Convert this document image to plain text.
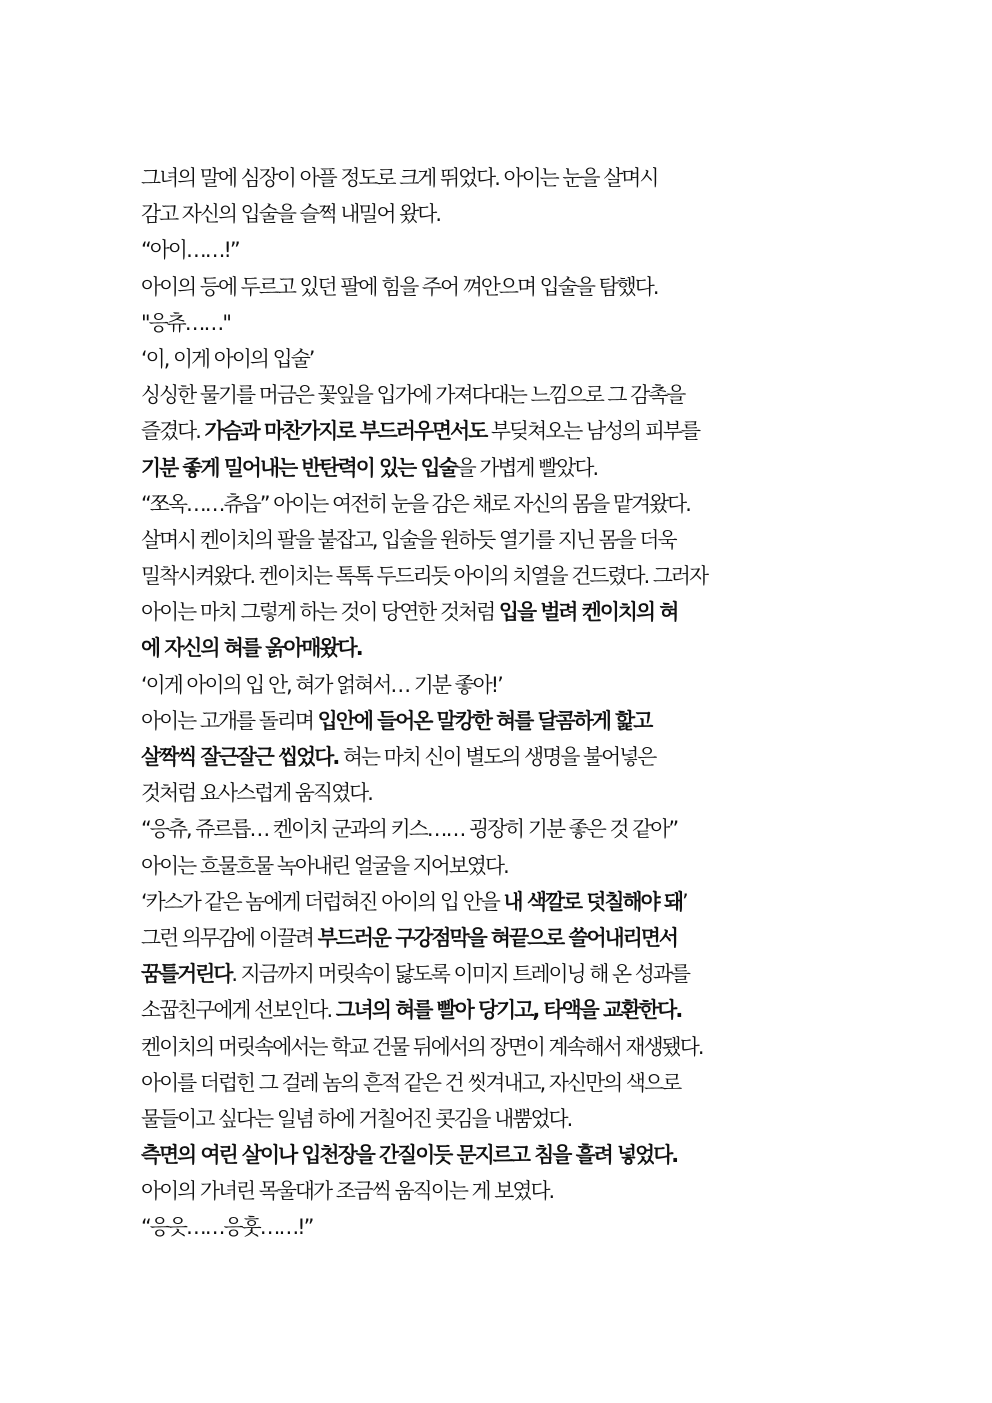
그녀의 말에 심장이 아플 정도로 크게 뛰었다. 아이는 눈을 살며시
감고 자신의 입술을 슬쩍 내밀어 왔다.
“아이……!”
아이의 등에 두르고 있던 팔에 힘을 주어 껴안으며 입술을 탐했다.
"응츄……"
‘이, 이게 아이의 입술’
싱싱한 물기를 머금은 꽃잎을 입가에 가져다대는 느낌으로 그 감촉을
즐겼다. 가슴과 마찬가지로 부드러우면서도 부딪쳐오는 남성의 피부를
기분 좋게 밀어내는 반탄력이 있는 입술을 가볍게 빨았다.
“쪼옥……츄읍” 아이는 여전히 눈을 감은 채로 자신의 몸을 맡겨왔다.
살며시 켄이치의 팔을 붙잡고, 입술을 원하듯 열기를 지닌 몸을 더욱
밀착시켜왔다. 켄이치는 톡톡 두드리듯 아이의 치열을 건드렸다. 그러자
아이는 마치 그렇게 하는 것이 당연한 것처럼 입을 벌려 켄이치의 혀
에 자신의 혀를 옭아매왔다.
‘이게 아이의 입 안, 혀가 얽혀서… 기분 좋아!’
아이는 고개를 돌리며 입안에 들어온 말캉한 혀를 달콤하게 핥고
살짝씩 잘근잘근 씹었다. 혀는 마치 신이 별도의 생명을 불어넣은
것처럼 요사스럽게 움직였다.
“응츄, 쥬르릅… 켄이치 군과의 키스…… 굉장히 기분 좋은 것 같아”
아이는 흐물흐물 녹아내린 얼굴을 지어보였다.
‘카스가 같은 놈에게 더럽혀진 아이의 입 안을 내 색깔로 덧칠해야 돼’
그런 의무감에 이끌려 부드러운 구강점막을 혀끝으로 쓸어내리면서
꿈틀거린다. 지금까지 머릿속이 닳도록 이미지 트레이닝 해 온 성과를
소꿉친구에게 선보인다. 그녀의 혀를 빨아 당기고, 타액을 교환한다.
켄이치의 머릿속에서는 학교 건물 뒤에서의 장면이 계속해서 재생됐다.
아이를 더럽힌 그 걸레 놈의 흔적 같은 건 씻겨내고, 자신만의 색으로
물들이고 싶다는 일념 하에 거칠어진 콧김을 내뿜었다.
측면의 여린 살이나 입천장을 간질이듯 문지르고 침을 흘려 넣었다.
아이의 가녀린 목울대가 조금씩 움직이는 게 보였다.
“응읏……응훗……!”
